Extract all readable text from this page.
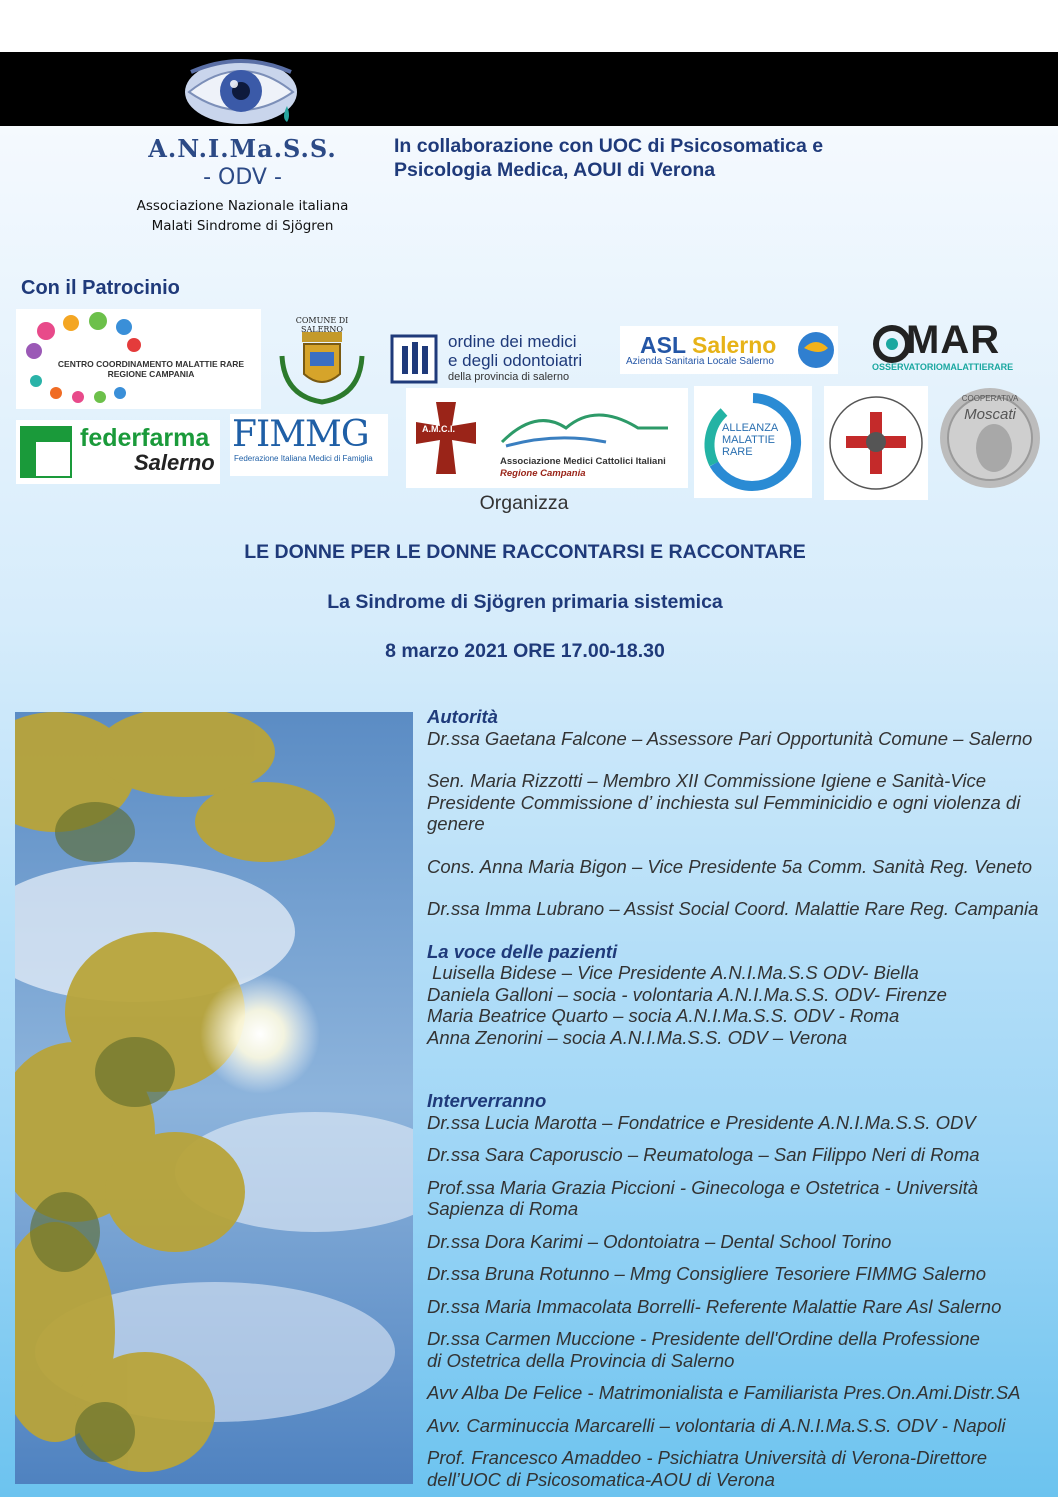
A.N.I.Ma.S.S.
- ODV -
Associazione Nazionale italiana
Malati Sindrome di Sjögren
In collaborazione con UOC di Psicosomatica e
Psicologia Medica, AOUI di Verona
Con il Patrocinio
CENTRO COORDINAMENTO MALATTIE RARE
REGIONE CAMPANIA
COMUNE DI SALERNO
ordine dei medici
e degli odontoiatri
della provincia di salerno
ASL Salerno
Azienda Sanitaria Locale Salerno	MAR
OSSERVATORIOMALATTIERARE
federfarma
Salerno
FIMMG
Federazione Italiana Medici di Famiglia
A.M.C.I.
Associazione Medici Cattolici Italiani
Regione Campania
ALLEANZA
MALATTIE
RARE
COOPERATIVA
Moscati
Organizza
LE DONNE PER LE DONNE RACCONTARSI E RACCONTARE
La Sindrome di Sjögren primaria sistemica
8 marzo 2021 ORE 17.00-18.30
Autorità
Dr.ssa Gaetana Falcone – Assessore Pari Opportunità Comune – Salerno
Sen. Maria Rizzotti – Membro XII Commissione Igiene e Sanità-Vice
Presidente Commissione d’ inchiesta sul Femminicidio e ogni violenza di
genere
Cons. Anna Maria Bigon – Vice Presidente 5a Comm. Sanità Reg. Veneto
Dr.ssa Imma Lubrano – Assist Social Coord. Malattie Rare Reg. Campania
La voce delle pazienti
Luisella Bidese – Vice Presidente A.N.I.Ma.S.S ODV- Biella
Daniela Galloni – socia - volontaria A.N.I.Ma.S.S. ODV- Firenze
Maria Beatrice Quarto – socia A.N.I.Ma.S.S. ODV - Roma
Anna Zenorini – socia A.N.I.Ma.S.S. ODV – Verona
Interverranno
Dr.ssa Lucia Marotta – Fondatrice e Presidente A.N.I.Ma.S.S. ODV
Dr.ssa Sara Caporuscio – Reumatologa – San Filippo Neri di Roma
Prof.ssa Maria Grazia Piccioni - Ginecologa e Ostetrica - Università
Sapienza di Roma
Dr.ssa Dora Karimi – Odontoiatra – Dental School Torino
Dr.ssa Bruna Rotunno – Mmg Consigliere Tesoriere FIMMG Salerno
Dr.ssa Maria Immacolata Borrelli- Referente Malattie Rare Asl Salerno
Dr.ssa Carmen Muccione - Presidente dell'Ordine della Professione
di Ostetrica della Provincia di Salerno
Avv Alba De Felice - Matrimonialista e Familiarista Pres.On.Ami.Distr.SA
Avv. Carminuccia Marcarelli – volontaria di A.N.I.Ma.S.S. ODV - Napoli
Prof. Francesco Amaddeo - Psichiatra Università di Verona-Direttore
dell’UOC di Psicosomatica-AOU di Verona
